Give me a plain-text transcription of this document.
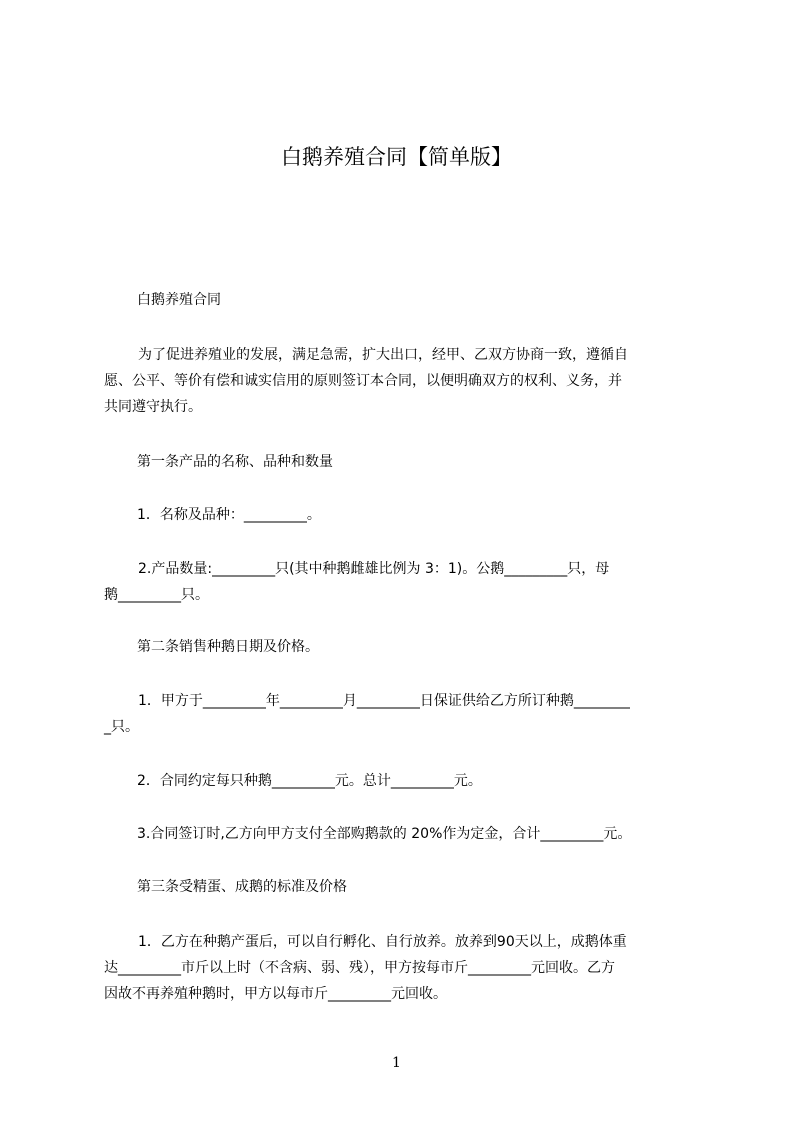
白鹅养殖合同【简单版】
白鹅养殖合同
为了促进养殖业的发展，满足急需，扩大出口，经甲、乙双方协商一致，遵循自
愿、公平、等价有偿和诚实信用的原则签订本合同，以便明确双方的权利、义务，并
共同遵守执行。
第一条产品的名称、品种和数量
1．名称及品种：_________。
2.产品数量:_________只(其中种鹅雌雄比例为 3：1)。公鹅_________只，母
鹅_________只。
第二条销售种鹅日期及价格。
1．甲方于_________年_________月_________日保证供给乙方所订种鹅________
_只。
2．合同约定每只种鹅_________元。总计_________元。
3.合同签订时,乙方向甲方支付全部购鹅款的 20%作为定金，合计_________元。
第三条受精蛋、成鹅的标准及价格
1．乙方在种鹅产蛋后，可以自行孵化、自行放养。放养到90天以上，成鹅体重
达_________市斤以上时（不含病、弱、残），甲方按每市斤_________元回收。乙方
因故不再养殖种鹅时，甲方以每市斤_________元回收。
1
